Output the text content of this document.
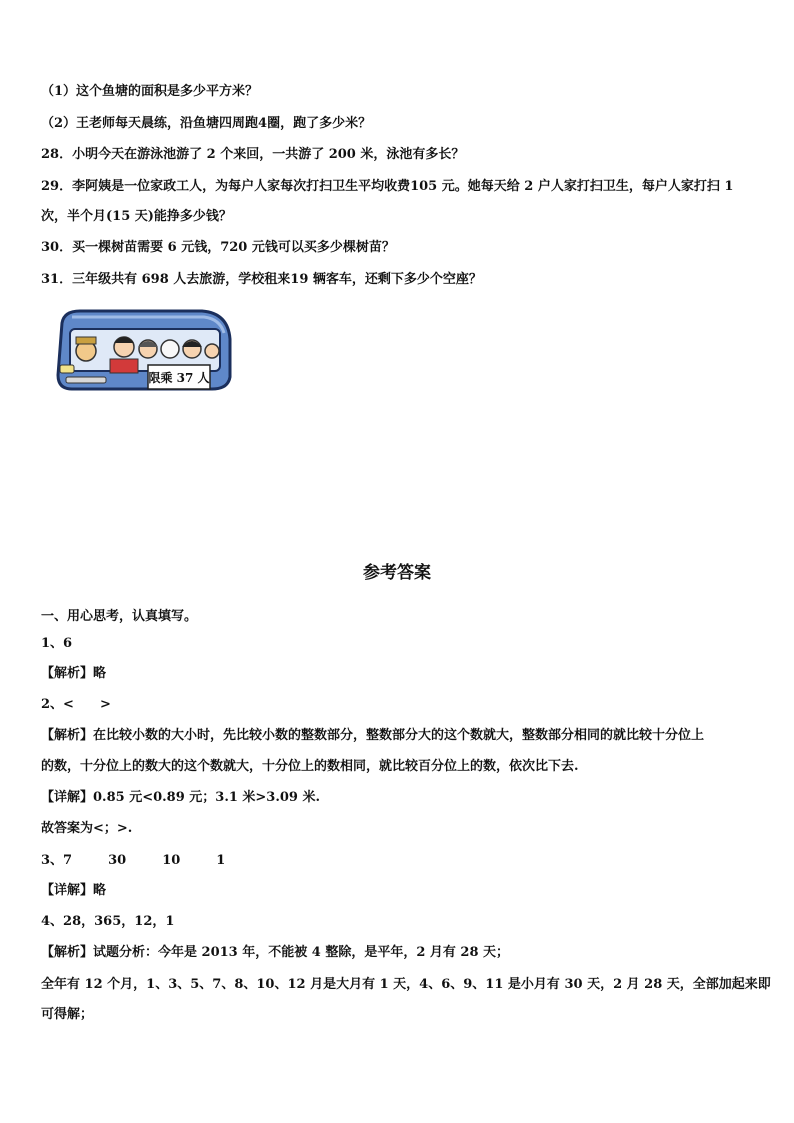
（1）这个鱼塘的面积是多少平方米？
（2）王老师每天晨练，沿鱼塘四周跑4圈，跑了多少米？
28．小明今天在游泳池游了 2 个来回，一共游了 200 米，泳池有多长？
29．李阿姨是一位家政工人，为每户人家每次打扫卫生平均收费105 元。她每天给 2 户人家打扫卫生，每户人家打扫 1
次，半个月(15 天)能挣多少钱？
30．买一棵树苗需要 6 元钱，720 元钱可以买多少棵树苗？
31．三年级共有 698 人去旅游，学校租来19 辆客车，还剩下多少个空座？
限乘 37 人
参考答案
一、用心思考，认真填写。
1、6
【解析】略
2、< >
【解析】在比较小数的大小时，先比较小数的整数部分，整数部分大的这个数就大，整数部分相同的就比较十分位上
的数，十分位上的数大的这个数就大，十分位上的数相同，就比较百分位上的数，依次比下去.
【详解】0.85 元<0.89 元；3.1 米>3.09 米.
故答案为<；>.
3、7	30	10	1
【详解】略
4、28，365，12，1
【解析】试题分析：今年是 2013 年，不能被 4 整除，是平年，2 月有 28 天；
全年有 12 个月，1、3、5、7、8、10、12 月是大月有 1 天，4、6、9、11 是小月有 30 天，2 月 28 天，全部加起来即
可得解；
